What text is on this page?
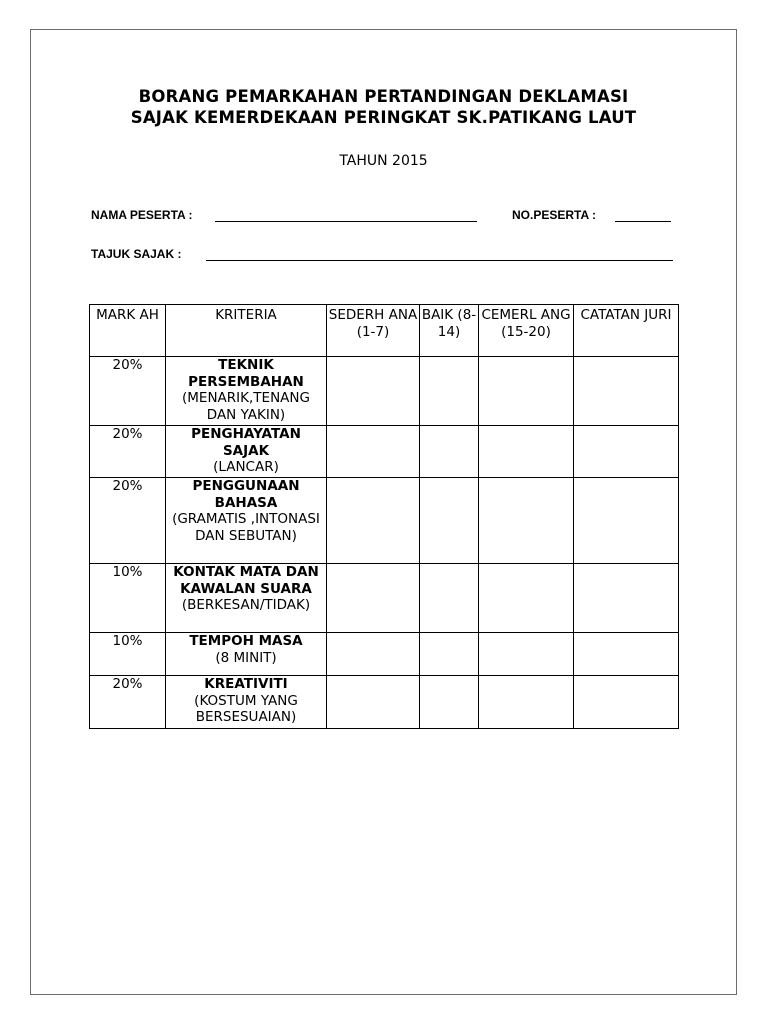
BORANG PEMARKAHAN PERTANDINGAN DEKLAMASI
SAJAK KEMERDEKAAN PERINGKAT SK.PATIKANG LAUT
TAHUN 2015
NAMA PESERTA :	NO.PESERTA :
TAJUK SAJAK :
MARK AH	KRITERIA	SEDERH ANA (1-7)	BAIK (8- 14)	CEMERL ANG (15-20)	CATATAN JURI
20%	TEKNIK PERSEMBAHAN
(MENARIK,TENANG DAN YAKIN)				

20%	PENGHAYATAN SAJAK
(LANCAR)				

20%	PENGGUNAAN BAHASA
(GRAMATIS ,INTONASI DAN SEBUTAN)				

10%	KONTAK MATA DAN KAWALAN SUARA
(BERKESAN/TIDAK)				

10%	TEMPOH MASA
(8 MINIT)				

20%	KREATIVITI
(KOSTUM YANG BERSESUAIAN)				
